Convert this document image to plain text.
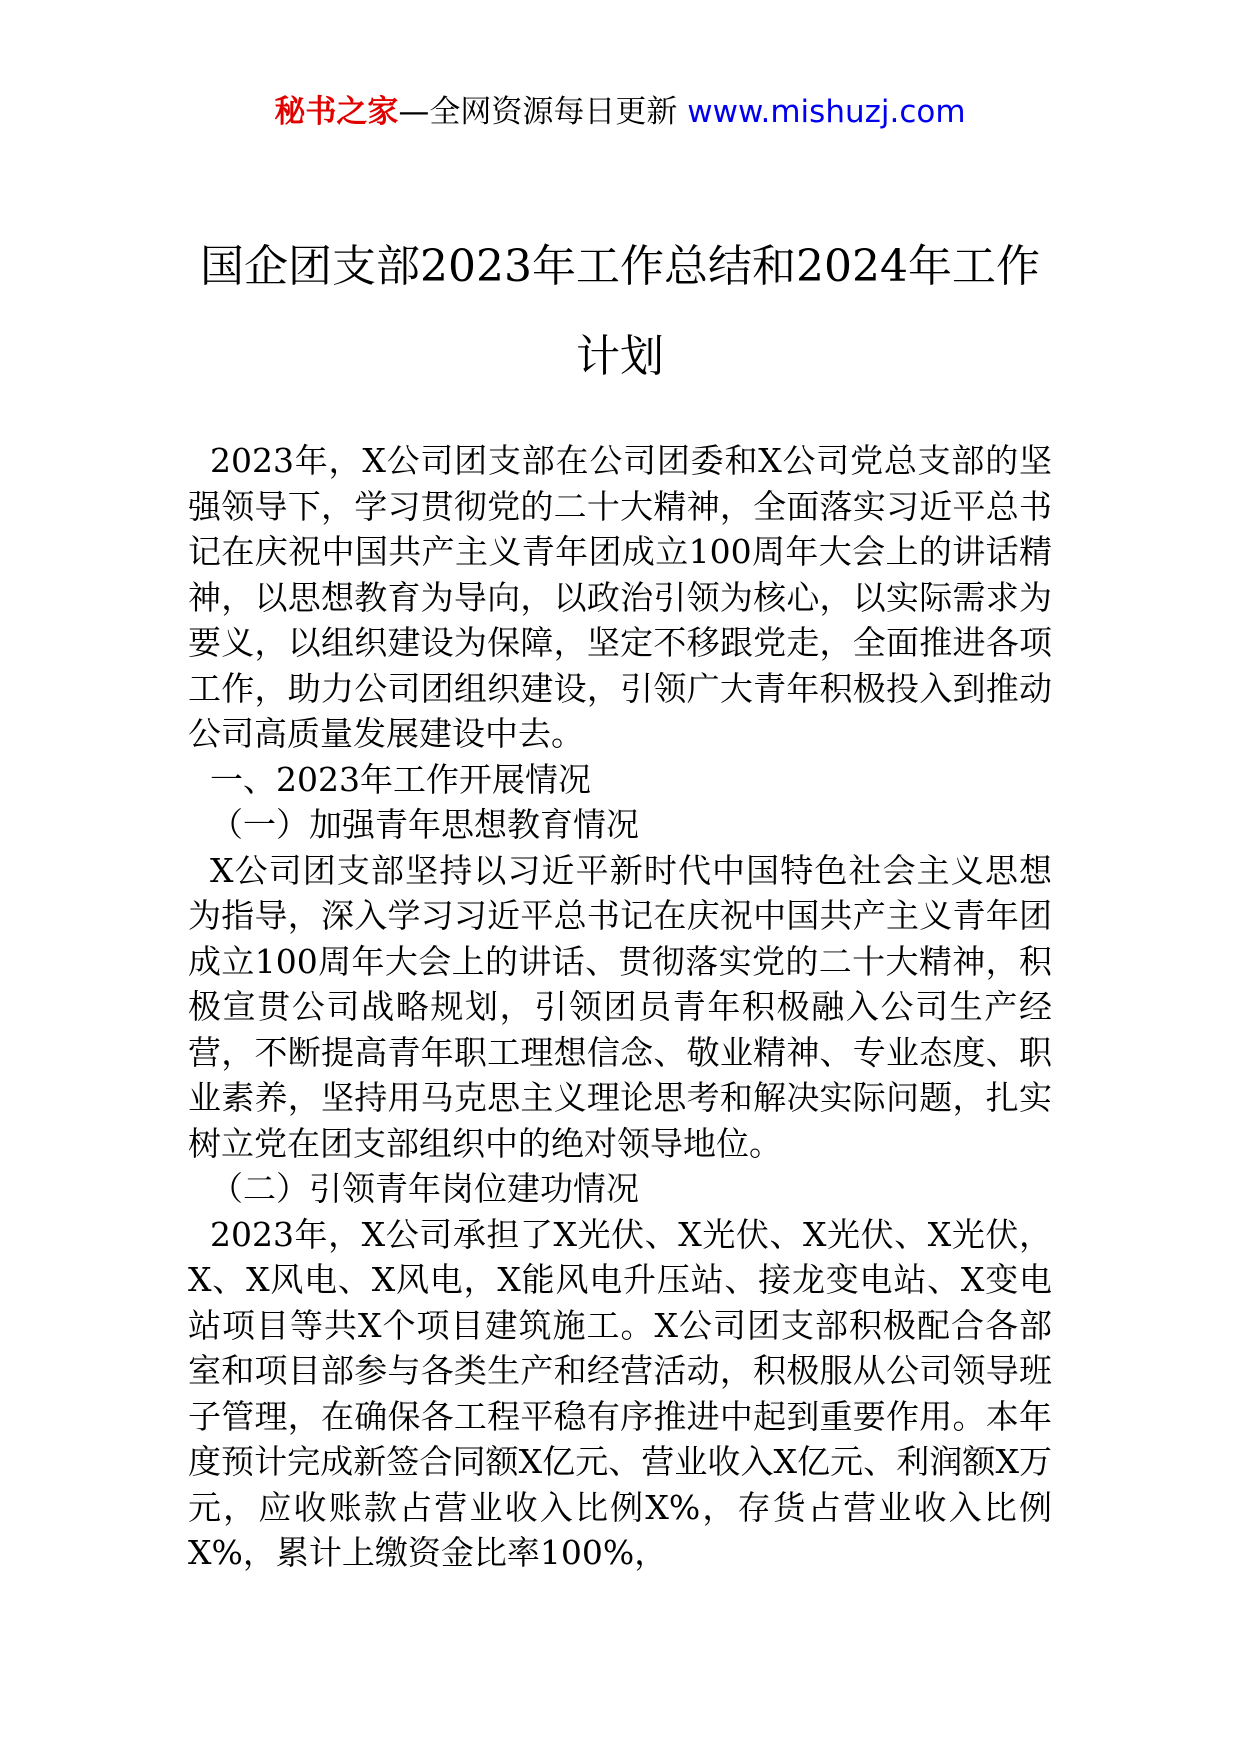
秘书之家—全网资源每日更新 www.mishuzj.com
国企团支部2023年工作总结和2024年工作计划

2023年，X公司团支部在公司团委和X公司党总支部的坚强领导下，学习贯彻党的二十大精神，全面落实习近平总书记在庆祝中国共产主义青年团成立100周年大会上的讲话精神，以思想教育为导向，以政治引领为核心，以实际需求为要义，以组织建设为保障，坚定不移跟党走，全面推进各项工作，助力公司团组织建设，引领广大青年积极投入到推动公司高质量发展建设中去。

一、2023年工作开展情况

（一）加强青年思想教育情况

X公司团支部坚持以习近平新时代中国特色社会主义思想为指导，深入学习习近平总书记在庆祝中国共产主义青年团成立100周年大会上的讲话、贯彻落实党的二十大精神，积极宣贯公司战略规划，引领团员青年积极融入公司生产经营，不断提高青年职工理想信念、敬业精神、专业态度、职业素养，坚持用马克思主义理论思考和解决实际问题，扎实树立党在团支部组织中的绝对领导地位。

（二）引领青年岗位建功情况

2023年，X公司承担了X光伏、X光伏、X光伏、X光伏，X、X风电、X风电，X能风电升压站、接龙变电站、X变电站项目等共X个项目建筑施工。X公司团支部积极配合各部室和项目部参与各类生产和经营活动，积极服从公司领导班子管理，在确保各工程平稳有序推进中起到重要作用。本年度预计完成新签合同额X亿元、营业收入X亿元、利润额X万元，应收账款占营业收入比例X%，存货占营业收入比例X%，累计上缴资金比率100%，
